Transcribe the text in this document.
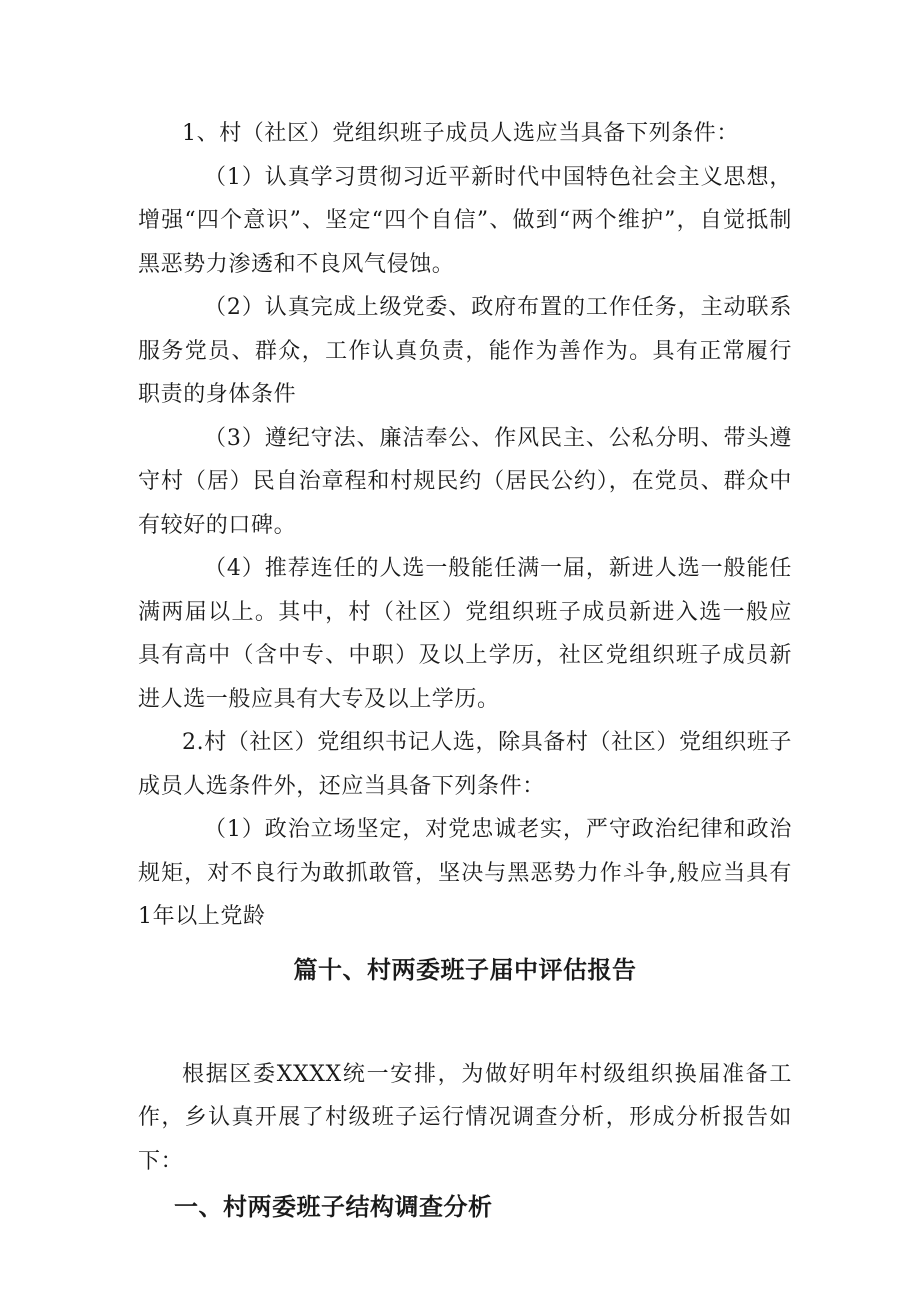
1、村（社区）党组织班子成员人选应当具备下列条件：

（1）认真学习贯彻习近平新时代中国特色社会主义思想，增强“四个意识”、坚定“四个自信”、做到“两个维护”，自觉抵制黑恶势力渗透和不良风气侵蚀。

（2）认真完成上级党委、政府布置的工作任务，主动联系服务党员、群众，工作认真负责，能作为善作为。具有正常履行职责的身体条件

（3）遵纪守法、廉洁奉公、作风民主、公私分明、带头遵守村（居）民自治章程和村规民约（居民公约），在党员、群众中有较好的口碑。

（4）推荐连任的人选一般能任满一届，新进人选一般能任满两届以上。其中，村（社区）党组织班子成员新进入选一般应具有高中（含中专、中职）及以上学历，社区党组织班子成员新进人选一般应具有大专及以上学历。

2.村（社区）党组织书记人选，除具备村（社区）党组织班子成员人选条件外，还应当具备下列条件：

（1）政治立场坚定，对党忠诚老实，严守政治纪律和政治规矩，对不良行为敢抓敢管，坚决与黑恶势力作斗争,般应当具有1年以上党龄

篇十、村两委班子届中评估报告

根据区委XXXX统一安排，为做好明年村级组织换届准备工作，乡认真开展了村级班子运行情况调查分析，形成分析报告如下：

一、村两委班子结构调查分析
